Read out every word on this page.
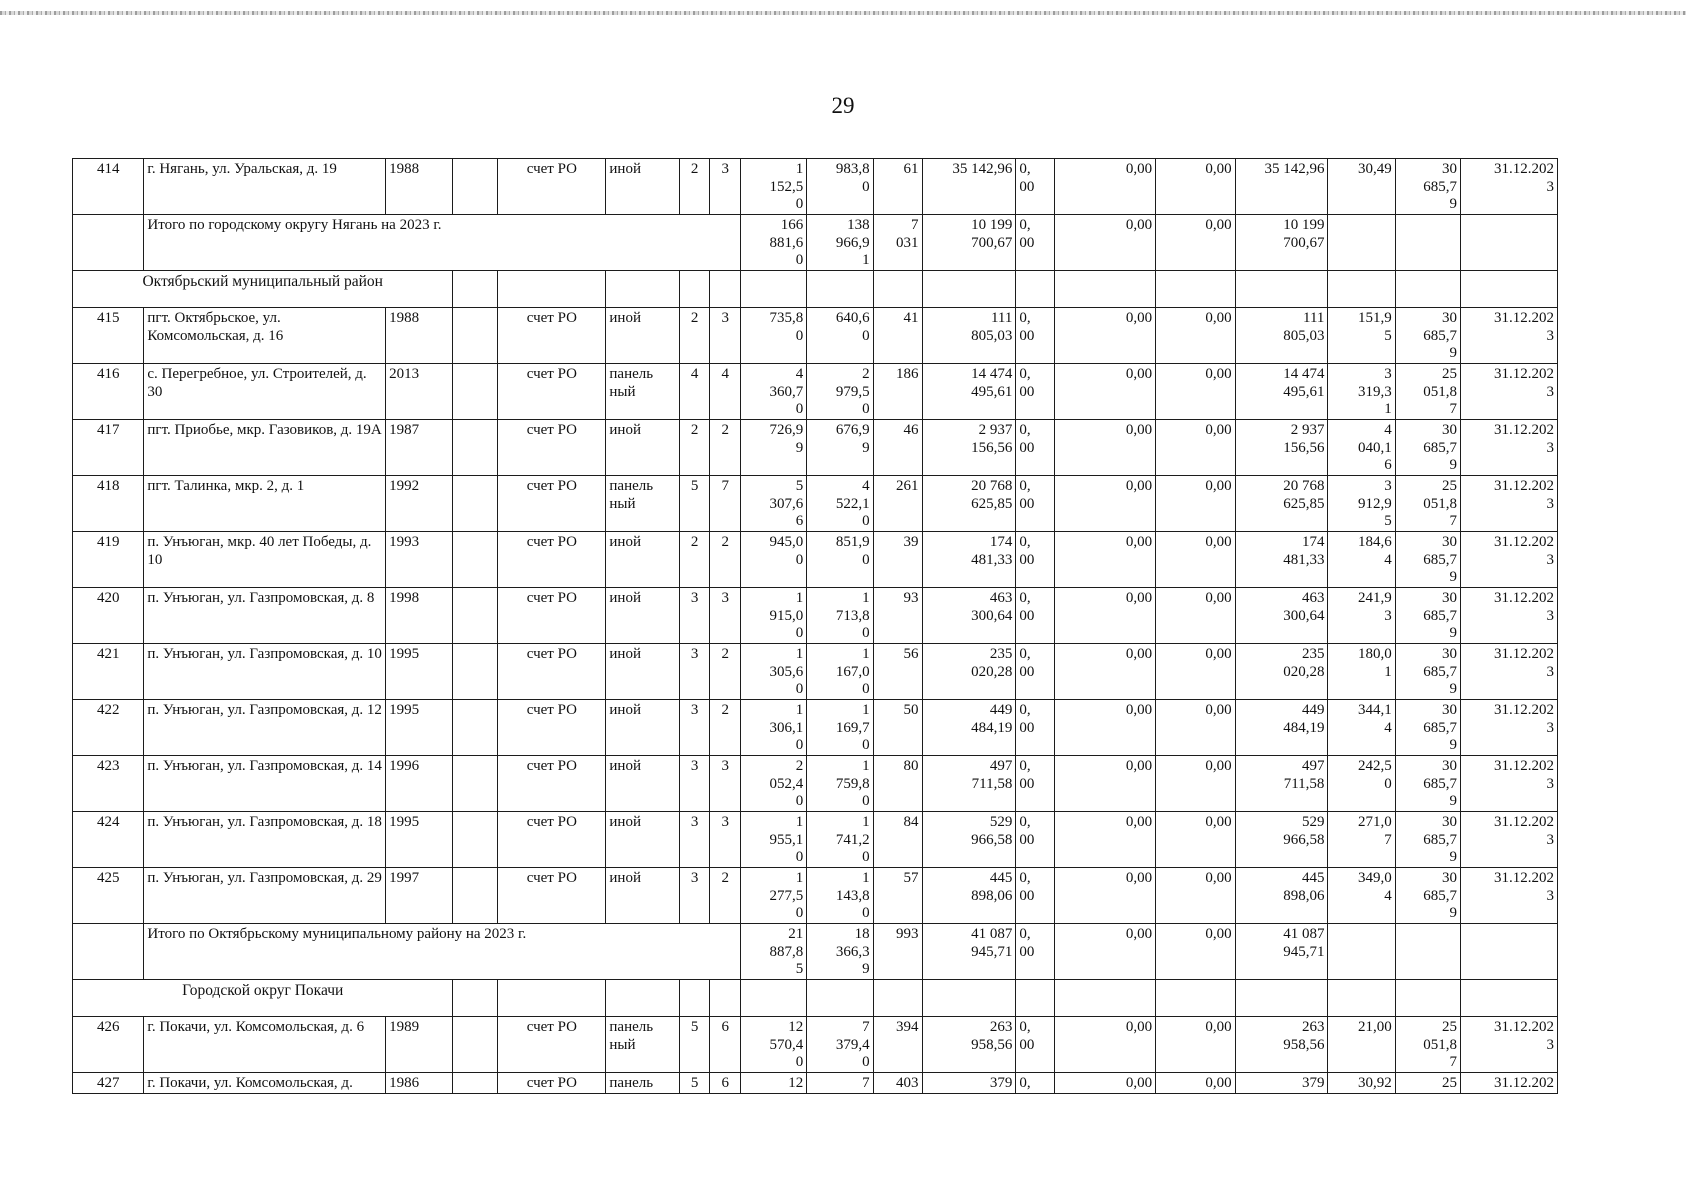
29
414	г. Нягань, ул. Уральская, д. 19	1988		счет РО	иной	2	3	1
152,5
0	983,8
0	61	35 142,96	0,
00	0,00	0,00	35 142,96	30,49	30
685,7
9	31.12.202
3

	Итого по городскому округу Нягань на 2023 г.							166
881,6
0	138
966,9
1	7
031	10 199
700,67	0,
00	0,00	0,00	10 199
700,67			

Октябрьский муниципальный район																		
415	пгт. Октябрьское, ул. Комсомольская, д. 16	1988		счет РО	иной	2	3	735,8
0	640,6
0	41	111
805,03	0,
00	0,00	0,00	111
805,03	151,9
5	30
685,7
9	31.12.202
3

416	с. Перегребное, ул. Строителей, д. 30	2013		счет РО	панель
ный	4	4	4
360,7
0	2
979,5
0	186	14 474
495,61	0,
00	0,00	0,00	14 474
495,61	3
319,3
1	25
051,8
7	31.12.202
3

417	пгт. Приобье, мкр. Газовиков, д. 19А	1987		счет РО	иной	2	2	726,9
9	676,9
9	46	2 937
156,56	0,
00	0,00	0,00	2 937
156,56	4
040,1
6	30
685,7
9	31.12.202
3

418	пгт. Талинка, мкр. 2, д. 1	1992		счет РО	панель
ный	5	7	5
307,6
6	4
522,1
0	261	20 768
625,85	0,
00	0,00	0,00	20 768
625,85	3
912,9
5	25
051,8
7	31.12.202
3

419	п. Унъюган, мкр. 40 лет Победы, д. 10	1993		счет РО	иной	2	2	945,0
0	851,9
0	39	174
481,33	0,
00	0,00	0,00	174
481,33	184,6
4	30
685,7
9	31.12.202
3

420	п. Унъюган, ул. Газпромовская, д. 8	1998		счет РО	иной	3	3	1
915,0
0	1
713,8
0	93	463
300,64	0,
00	0,00	0,00	463
300,64	241,9
3	30
685,7
9	31.12.202
3

421	п. Унъюган, ул. Газпромовская, д. 10	1995		счет РО	иной	3	2	1
305,6
0	1
167,0
0	56	235
020,28	0,
00	0,00	0,00	235
020,28	180,0
1	30
685,7
9	31.12.202
3

422	п. Унъюган, ул. Газпромовская, д. 12	1995		счет РО	иной	3	2	1
306,1
0	1
169,7
0	50	449
484,19	0,
00	0,00	0,00	449
484,19	344,1
4	30
685,7
9	31.12.202
3

423	п. Унъюган, ул. Газпромовская, д. 14	1996		счет РО	иной	3	3	2
052,4
0	1
759,8
0	80	497
711,58	0,
00	0,00	0,00	497
711,58	242,5
0	30
685,7
9	31.12.202
3

424	п. Унъюган, ул. Газпромовская, д. 18	1995		счет РО	иной	3	3	1
955,1
0	1
741,2
0	84	529
966,58	0,
00	0,00	0,00	529
966,58	271,0
7	30
685,7
9	31.12.202
3

425	п. Унъюган, ул. Газпромовская, д. 29	1997		счет РО	иной	3	2	1
277,5
0	1
143,8
0	57	445
898,06	0,
00	0,00	0,00	445
898,06	349,0
4	30
685,7
9	31.12.202
3

	Итого по Октябрьскому муниципальному району на 2023 г.							21
887,8
5	18
366,3
9	993	41 087
945,71	0,
00	0,00	0,00	41 087
945,71			

Городской округ Покачи																		
426	г. Покачи, ул. Комсомольская, д. 6	1989		счет РО	панель
ный	5	6	12
570,4
0	7
379,4
0	394	263
958,56	0,
00	0,00	0,00	263
958,56	21,00	25
051,8
7	31.12.202
3

427	г. Покачи, ул. Комсомольская, д.	1986		счет РО	панель	5	6	12	7	403	379	0,	0,00	0,00	379	30,92	25	31.12.202
